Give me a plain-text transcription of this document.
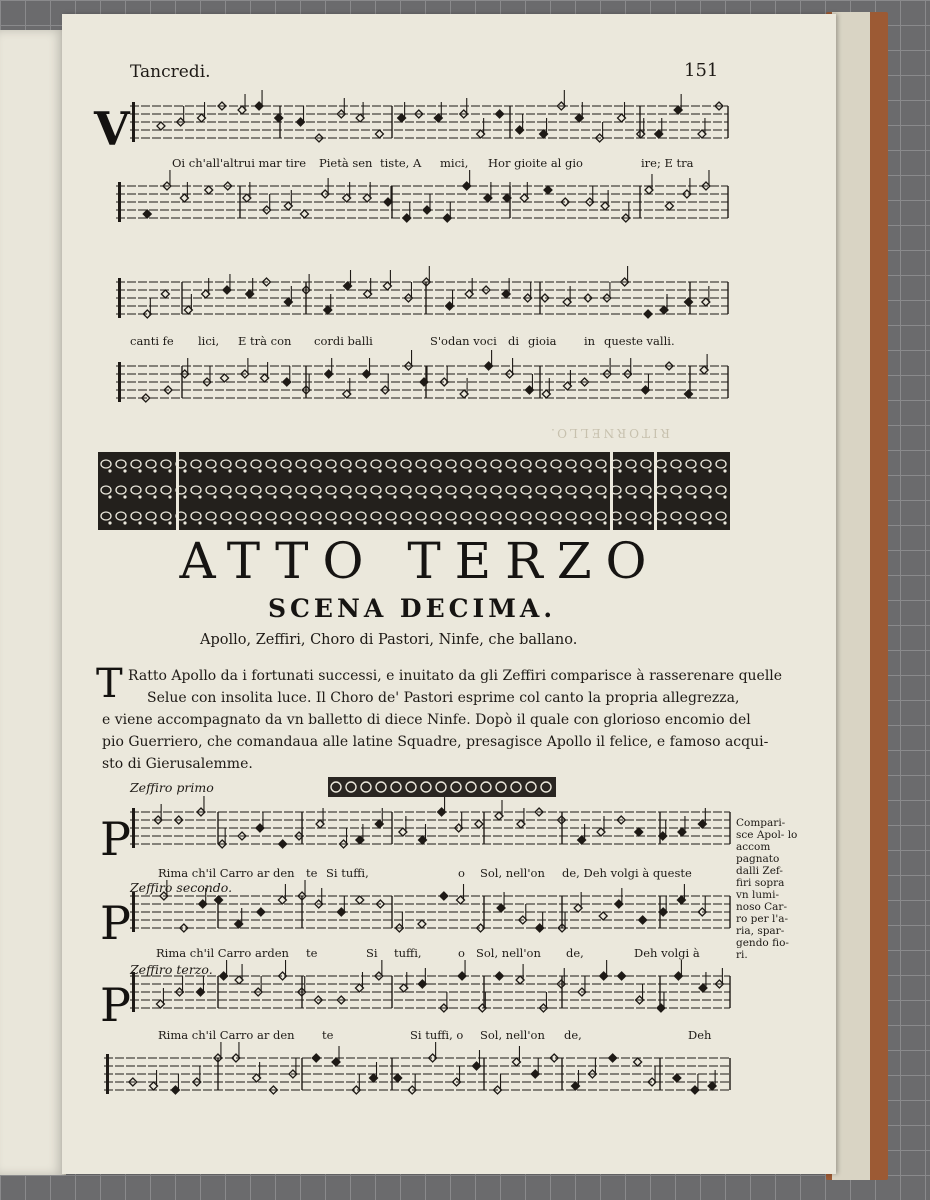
Tancredi.	151
V
Oi ch'all'altrui mar tire Pietà sen tiste, A mici, Hor gioite al gio	ire; E tra
canti fe lici, E trà con cordi balli	S'odan voci di gioia in queste valli.
RITORNELLO.
ATTO TERZO
SCENA DECIMA.
Apollo, Zeffiri, Choro di Pastori, Ninfe, che ballano.
T Ratto Apollo da i fortunati successi, e inuitato da gli Zeffiri comparisce à rasserenare quelle
Selue con insolita luce. Il Choro de' Pastori esprime col canto la propria allegrezza,
e viene accompagnato da vn balletto di diece Ninfe. Dopò il quale con glorioso encomio del
pio Guerriero, che comandaua alle latine Squadre, presagisce Apollo il felice, e famoso acqui-
sto di Gierusalemme.
Zeffiro primo
P
Rima ch'il Carro ar den te Si tuffi,	o Sol, nell'on de, Deh volgi à queste
Zeffiro secondo.
P
Rima ch'il Carro arden te	Si tuffi,	o Sol, nell'on de,	Deh volgi à
Zeffiro terzo.
P
Rima ch'il Carro ar den te	Si tuffi, o Sol, nell'on de,	Deh
Compari- sce Apol- lo accom pagnato dalli Zef- firi sopra vn lumi- noso Car- ro per l'a- ria, spar- gendo fio- ri.
